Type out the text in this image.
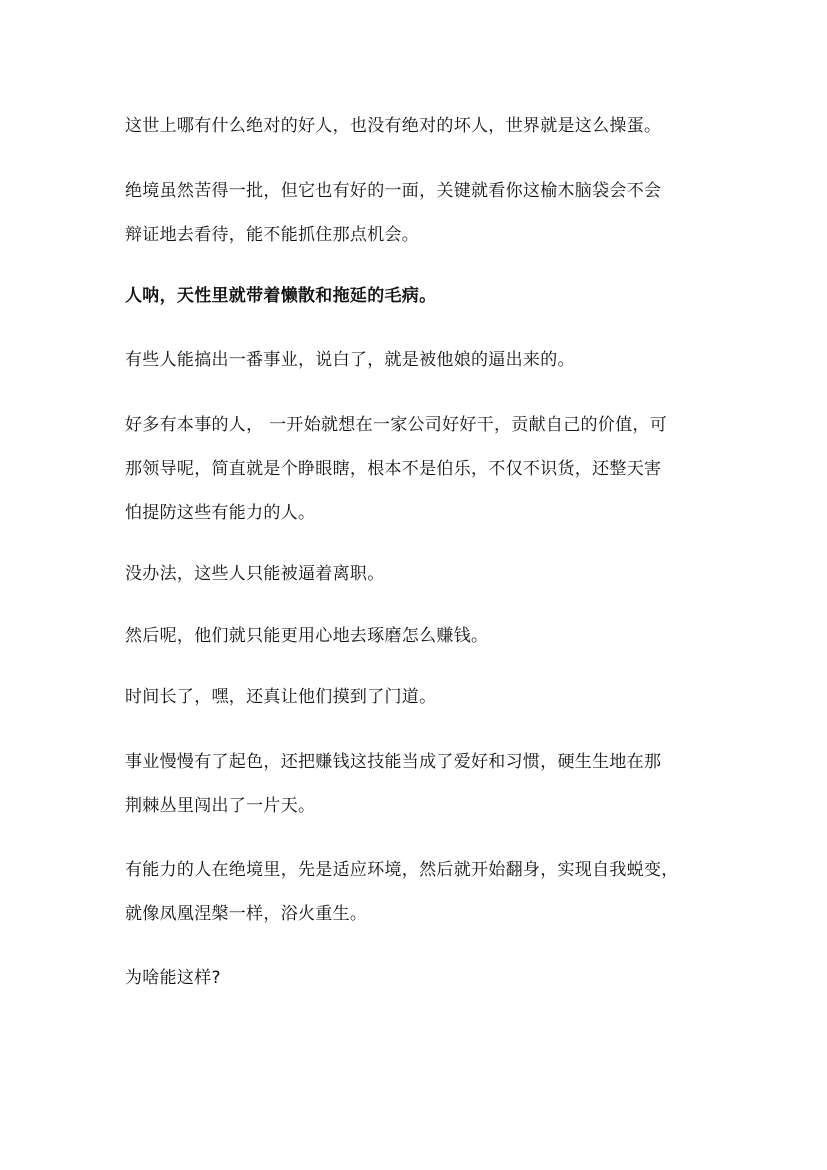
这世上哪有什么绝对的好人，也没有绝对的坏人，世界就是这么操蛋。
绝境虽然苦得一批，但它也有好的一面，关键就看你这榆木脑袋会不会
辩证地去看待，能不能抓住那点机会。
人呐，天性里就带着懒散和拖延的毛病。
有些人能搞出一番事业，说白了，就是被他娘的逼出来的。
好多有本事的人， 一开始就想在一家公司好好干，贡献自己的价值，可
那领导呢，简直就是个睁眼瞎，根本不是伯乐，不仅不识货，还整天害
怕提防这些有能力的人。
没办法，这些人只能被逼着离职。
然后呢，他们就只能更用心地去琢磨怎么赚钱。
时间长了，嘿，还真让他们摸到了门道。
事业慢慢有了起色，还把赚钱这技能当成了爱好和习惯，硬生生地在那
荆棘丛里闯出了一片天。
有能力的人在绝境里，先是适应环境，然后就开始翻身，实现自我蜕变，
就像凤凰涅槃一样，浴火重生。
为啥能这样?
